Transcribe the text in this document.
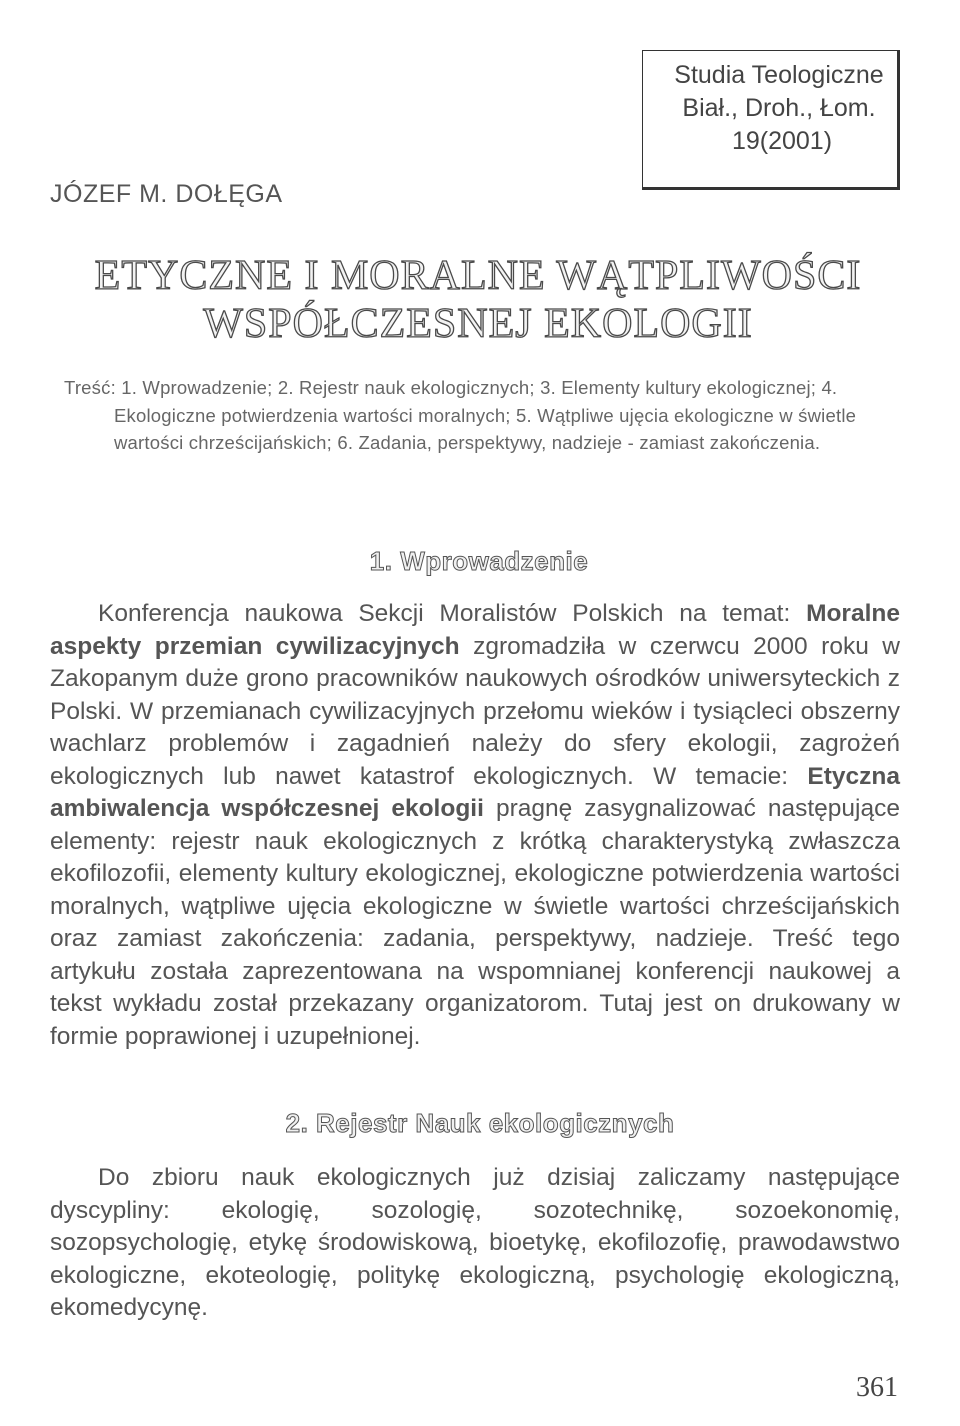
Studia Teologiczne
Biał., Droh., Łom.
19(2001)
JÓZEF M. DOŁĘGA
ETYCZNE I MORALNE WĄTPLIWOŚCI
WSPÓŁCZESNEJ EKOLOGII
Treść: 1. Wprowadzenie; 2. Rejestr nauk ekologicznych; 3. Elementy kultury ekologicznej; 4.
Ekologiczne potwierdzenia wartości moralnych; 5. Wątpliwe ujęcia ekologiczne w świetle wartości chrześcijańskich; 6. Zadania, perspektywy, nadzieje - zamiast zakończenia.
1. Wprowadzenie
Konferencja naukowa Sekcji Moralistów Polskich na temat: Moralne aspekty przemian cywilizacyjnych zgromadziła w czerwcu 2000 roku w Zakopanym duże grono pracowników naukowych ośrodków uniwersyteckich z Polski. W przemianach cywilizacyjnych przełomu wieków i tysiącleci obszerny wachlarz problemów i zagadnień należy do sfery ekologii, zagrożeń ekologicznych lub nawet katastrof ekologicznych. W temacie: Etyczna ambiwalencja współczesnej ekologii pragnę zasygnalizować następujące elementy: rejestr nauk ekologicznych z krótką charakterystyką zwłaszcza ekofilozofii, elementy kultury ekologicznej, ekologiczne potwierdzenia wartości moralnych, wątpliwe ujęcia ekologiczne w świetle wartości chrześcijańskich oraz zamiast zakończenia: zadania, perspektywy, nadzieje. Treść tego artykułu została zaprezentowana na wspomnianej konferencji naukowej a tekst wykładu został przekazany organizatorom. Tutaj jest on drukowany w formie poprawionej i uzupełnionej.
2. Rejestr Nauk ekologicznych
Do zbioru nauk ekologicznych już dzisiaj zaliczamy następujące dyscypliny: ekologię, sozologię, sozotechnikę, sozoekonomię, sozopsychologię, etykę środowiskową, bioetykę, ekofilozofię, prawodawstwo ekologiczne, ekoteologię, politykę ekologiczną, psychologię ekologiczną, ekomedycynę.
361
